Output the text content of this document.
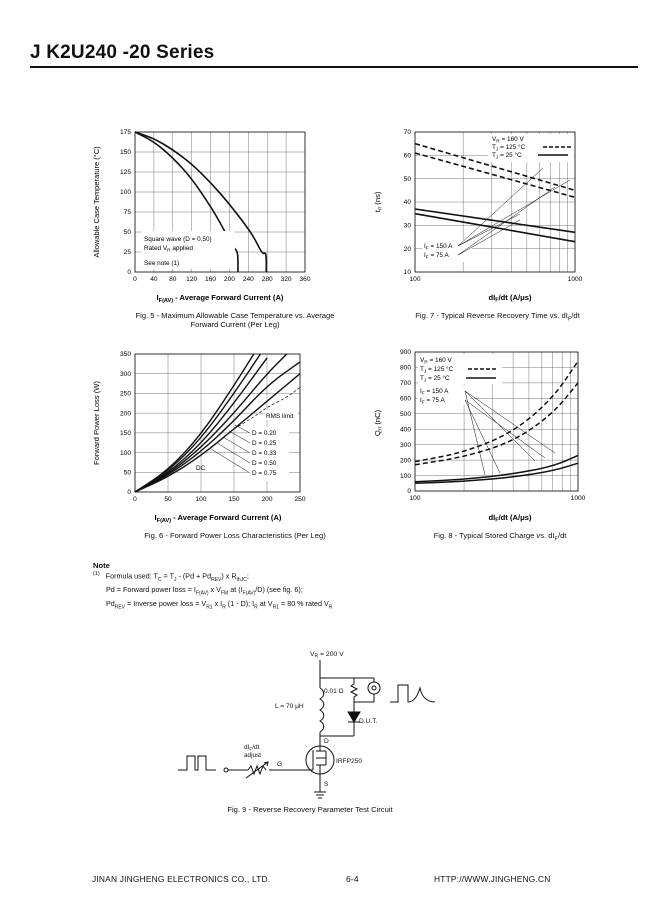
J K2U240 -20 Series
0
25
50
75
100
125
150
175
0 40 80 120 160 200 240 280 320 360
Allowable Case Temperature (°C)	Square wave (D = 0.50)
Rated $V_R$ applied
See note (1)
$I_{F(AV)}$ - Average Forward Current (A)
Fig. 5 - Maximum Allowable Case Temperature vs. Average
Forward Current (Per Leg)
10
20
30
40
50
60
70
100	1000
trr(ns)
$V_R = 160$ V
$T_J = 125$ °C
$T_J = 25$ °C
$I_F = 150$ A
$I_F = 75$ A
dIF/dt (A/μs)
Fig. 7 - Typical Reverse Recovery Time vs. $dI_F/dt$
0
50
100
150
200
250
300
350
0	50	100	150	200	250
Forward Power Loss (W)	RMS limit
D = 0.20
D = 0.25
D = 0.33
D = 0.50
D = 0.75
DC
$I_{F(AV)}$ - Average Forward Current (A)
Fig. 6 - Forward Power Loss Characteristics (Per Leg)
0
100
200
300
400
500
600
700
800
900
100	1000
Qrr(nC)
$V_R = 160$ V
$T_J = 125$ °C
$T_J = 25$ °C
$I_F = 150$ A
$I_F = 75$ A
dIF/dt (A/μs)
Fig. 8 - Typical Stored Charge vs. $dI_F/dt$
Note
$^{(1)}$ Formula used: $T_C = T_J - (Pd + Pd_{REV})$ x $R_{thJC}$;
Pd = Forward power loss = $I_{F(AV)}$ x $V_{FM}$ at $(I_{F(AV)}/D)$ (see fig. 6);
$Pd_{REV}$ = Inverse power loss = $V_{R1}$ x $I_R$ (1 - D); $I_R$ at $V_{R1} = 80$ % rated $V_R$
$V_R = 200$ V
L = 70 μH
0.01 Ω
D.U.T.
D
IRFP250
G
S
$dI_F/dt$
adjust
Fig. 9 - Reverse Recovery Parameter Test Circuit
JINAN JINGHENG ELECTRONICS CO., LTD.	6-4	HTTP://WWW.JINGHENG.CN
